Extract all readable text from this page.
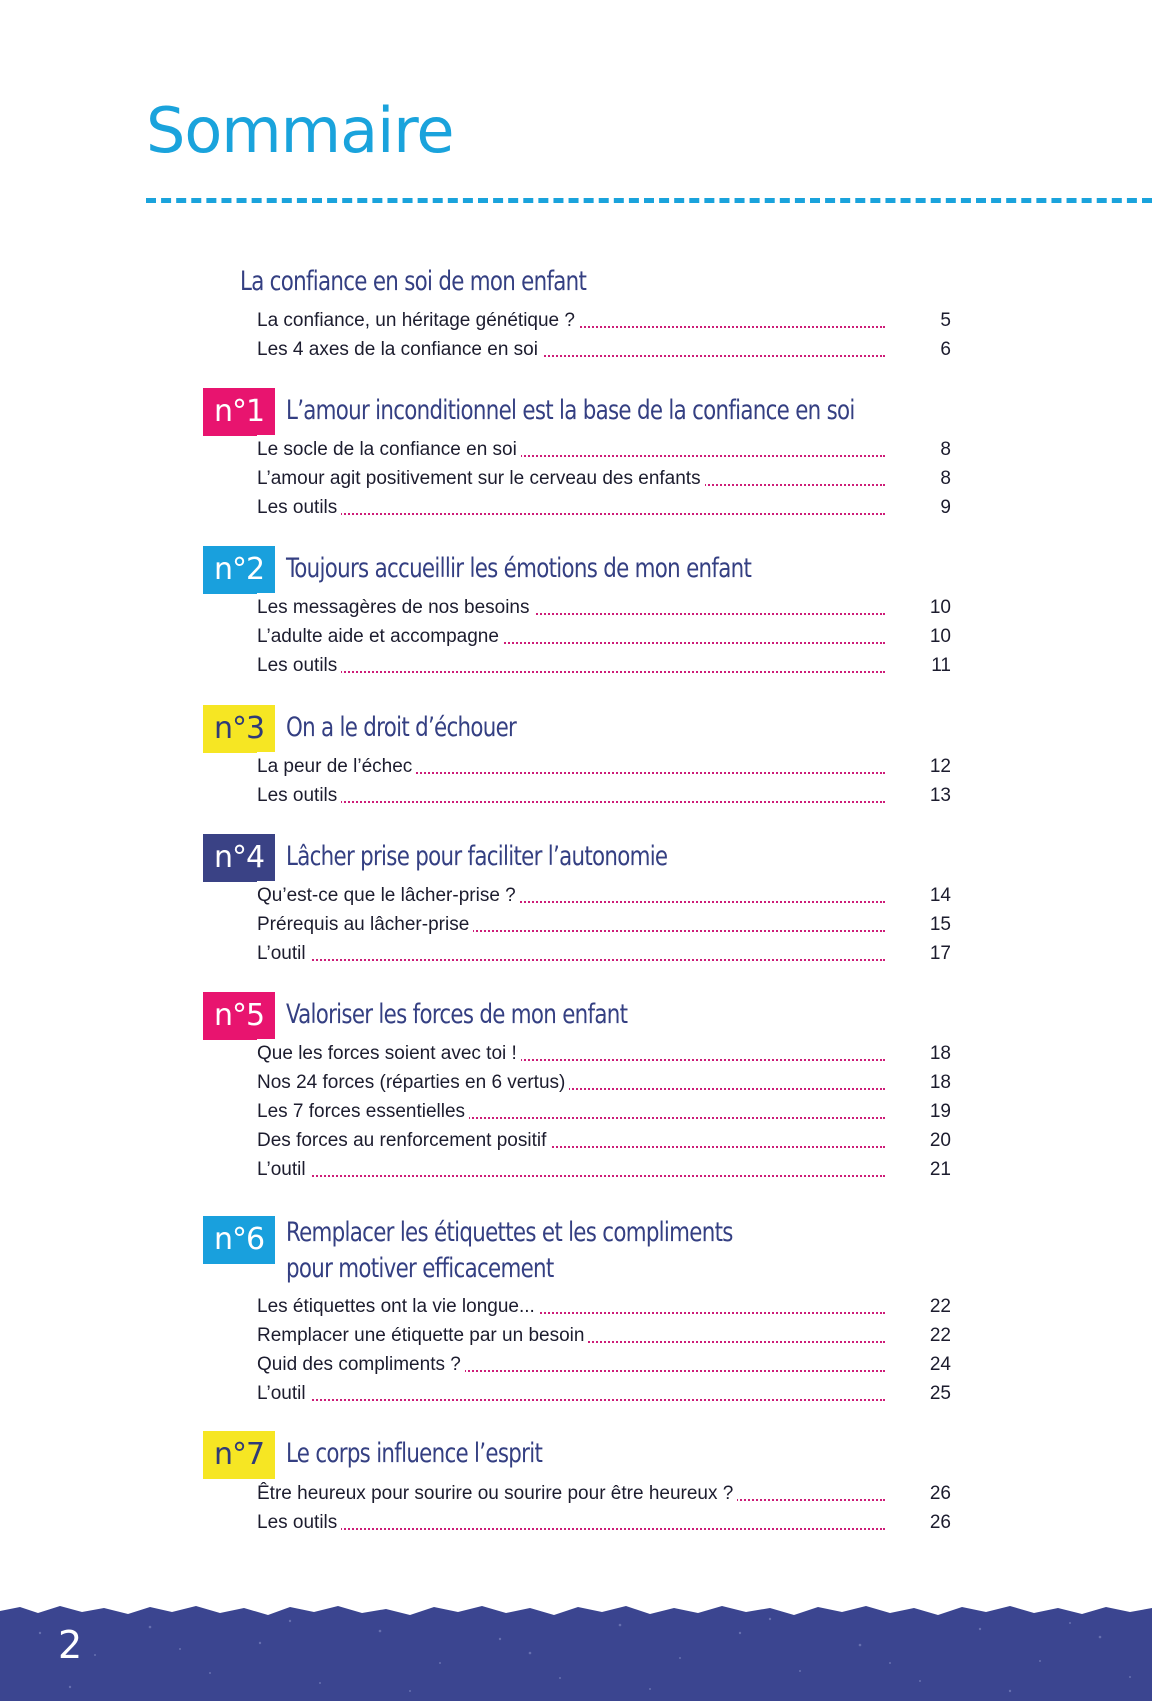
Sommaire
La confiance en soi de mon enfant
La confiance, un héritage génétique ?	5
Les 4 axes de la confiance en soi	6
n°1 L’amour inconditionnel est la base de la confiance en soi
Le socle de la confiance en soi	8
L’amour agit positivement sur le cerveau des enfants	8
Les outils	9
n°2 Toujours accueillir les émotions de mon enfant
Les messagères de nos besoins	10
L’adulte aide et accompagne	10
Les outils	11
n°3 On a le droit d’échouer
La peur de l’échec	12
Les outils	13
n°4 Lâcher prise pour faciliter l’autonomie
Qu’est-ce que le lâcher-prise ?	14
Prérequis au lâcher-prise	15
L’outil	17
n°5 Valoriser les forces de mon enfant
Que les forces soient avec toi !	18
Nos 24 forces (réparties en 6 vertus)	18
Les 7 forces essentielles	19
Des forces au renforcement positif	20
L’outil	21
n°6 Remplacer les étiquettes et les compliments
pour motiver efficacement
Les étiquettes ont la vie longue...	22
Remplacer une étiquette par un besoin	22
Quid des compliments ?	24
L’outil	25
n°7 Le corps influence l’esprit
Être heureux pour sourire ou sourire pour être heureux ?	26
Les outils	26
2
